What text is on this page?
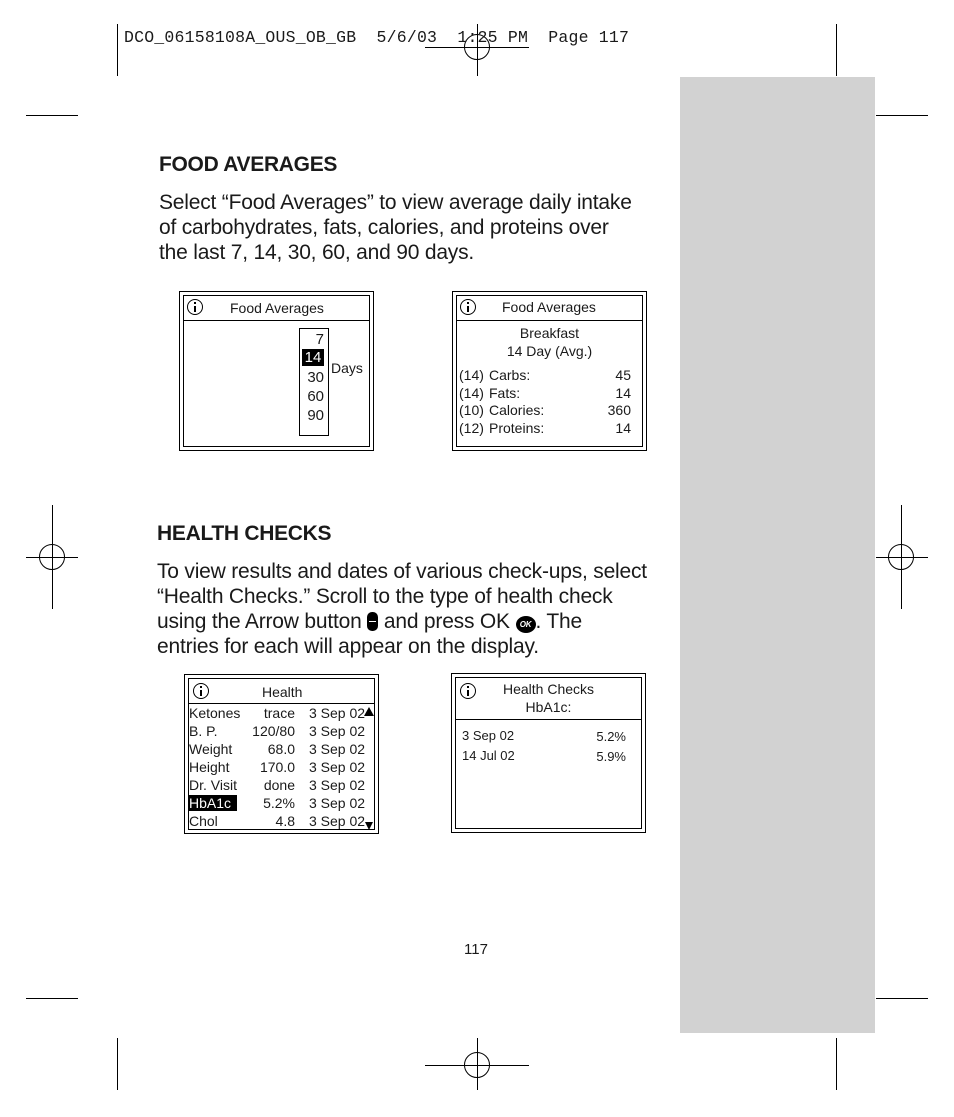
DCO_06158108A_OUS_OB_GB  5/6/03  1:25 PM  Page 117
FOOD AVERAGES
Select “Food Averages” to view average daily intake
of carbohydrates, fats, calories, and proteins over
the last 7, 14, 30, 60, and 90 days.
Food Averages
7
14
30
60
90
Days
Food Averages
Breakfast
14 Day (Avg.)
(14) Carbs:	45
(14) Fats:	14
(10) Calories:	360
(12) Proteins:	14
HEALTH CHECKS
To view results and dates of various check-ups, select
“Health Checks.” Scroll to the type of health check
using the Arrow button and press OK OK . The
entries for each will appear on the display.
Health
Ketones trace 3 Sep 02
B. P. 120/80 3 Sep 02
Weight	68.0 3 Sep 02
Height 170.0 3 Sep 02
Dr. Visit done 3 Sep 02
HbA1c	5.2% 3 Sep 02
Chol	4.8 3 Sep 02
Health Checks
HbA1c:
3 Sep 02	5.2%
14 Jul 02	5.9%
117
